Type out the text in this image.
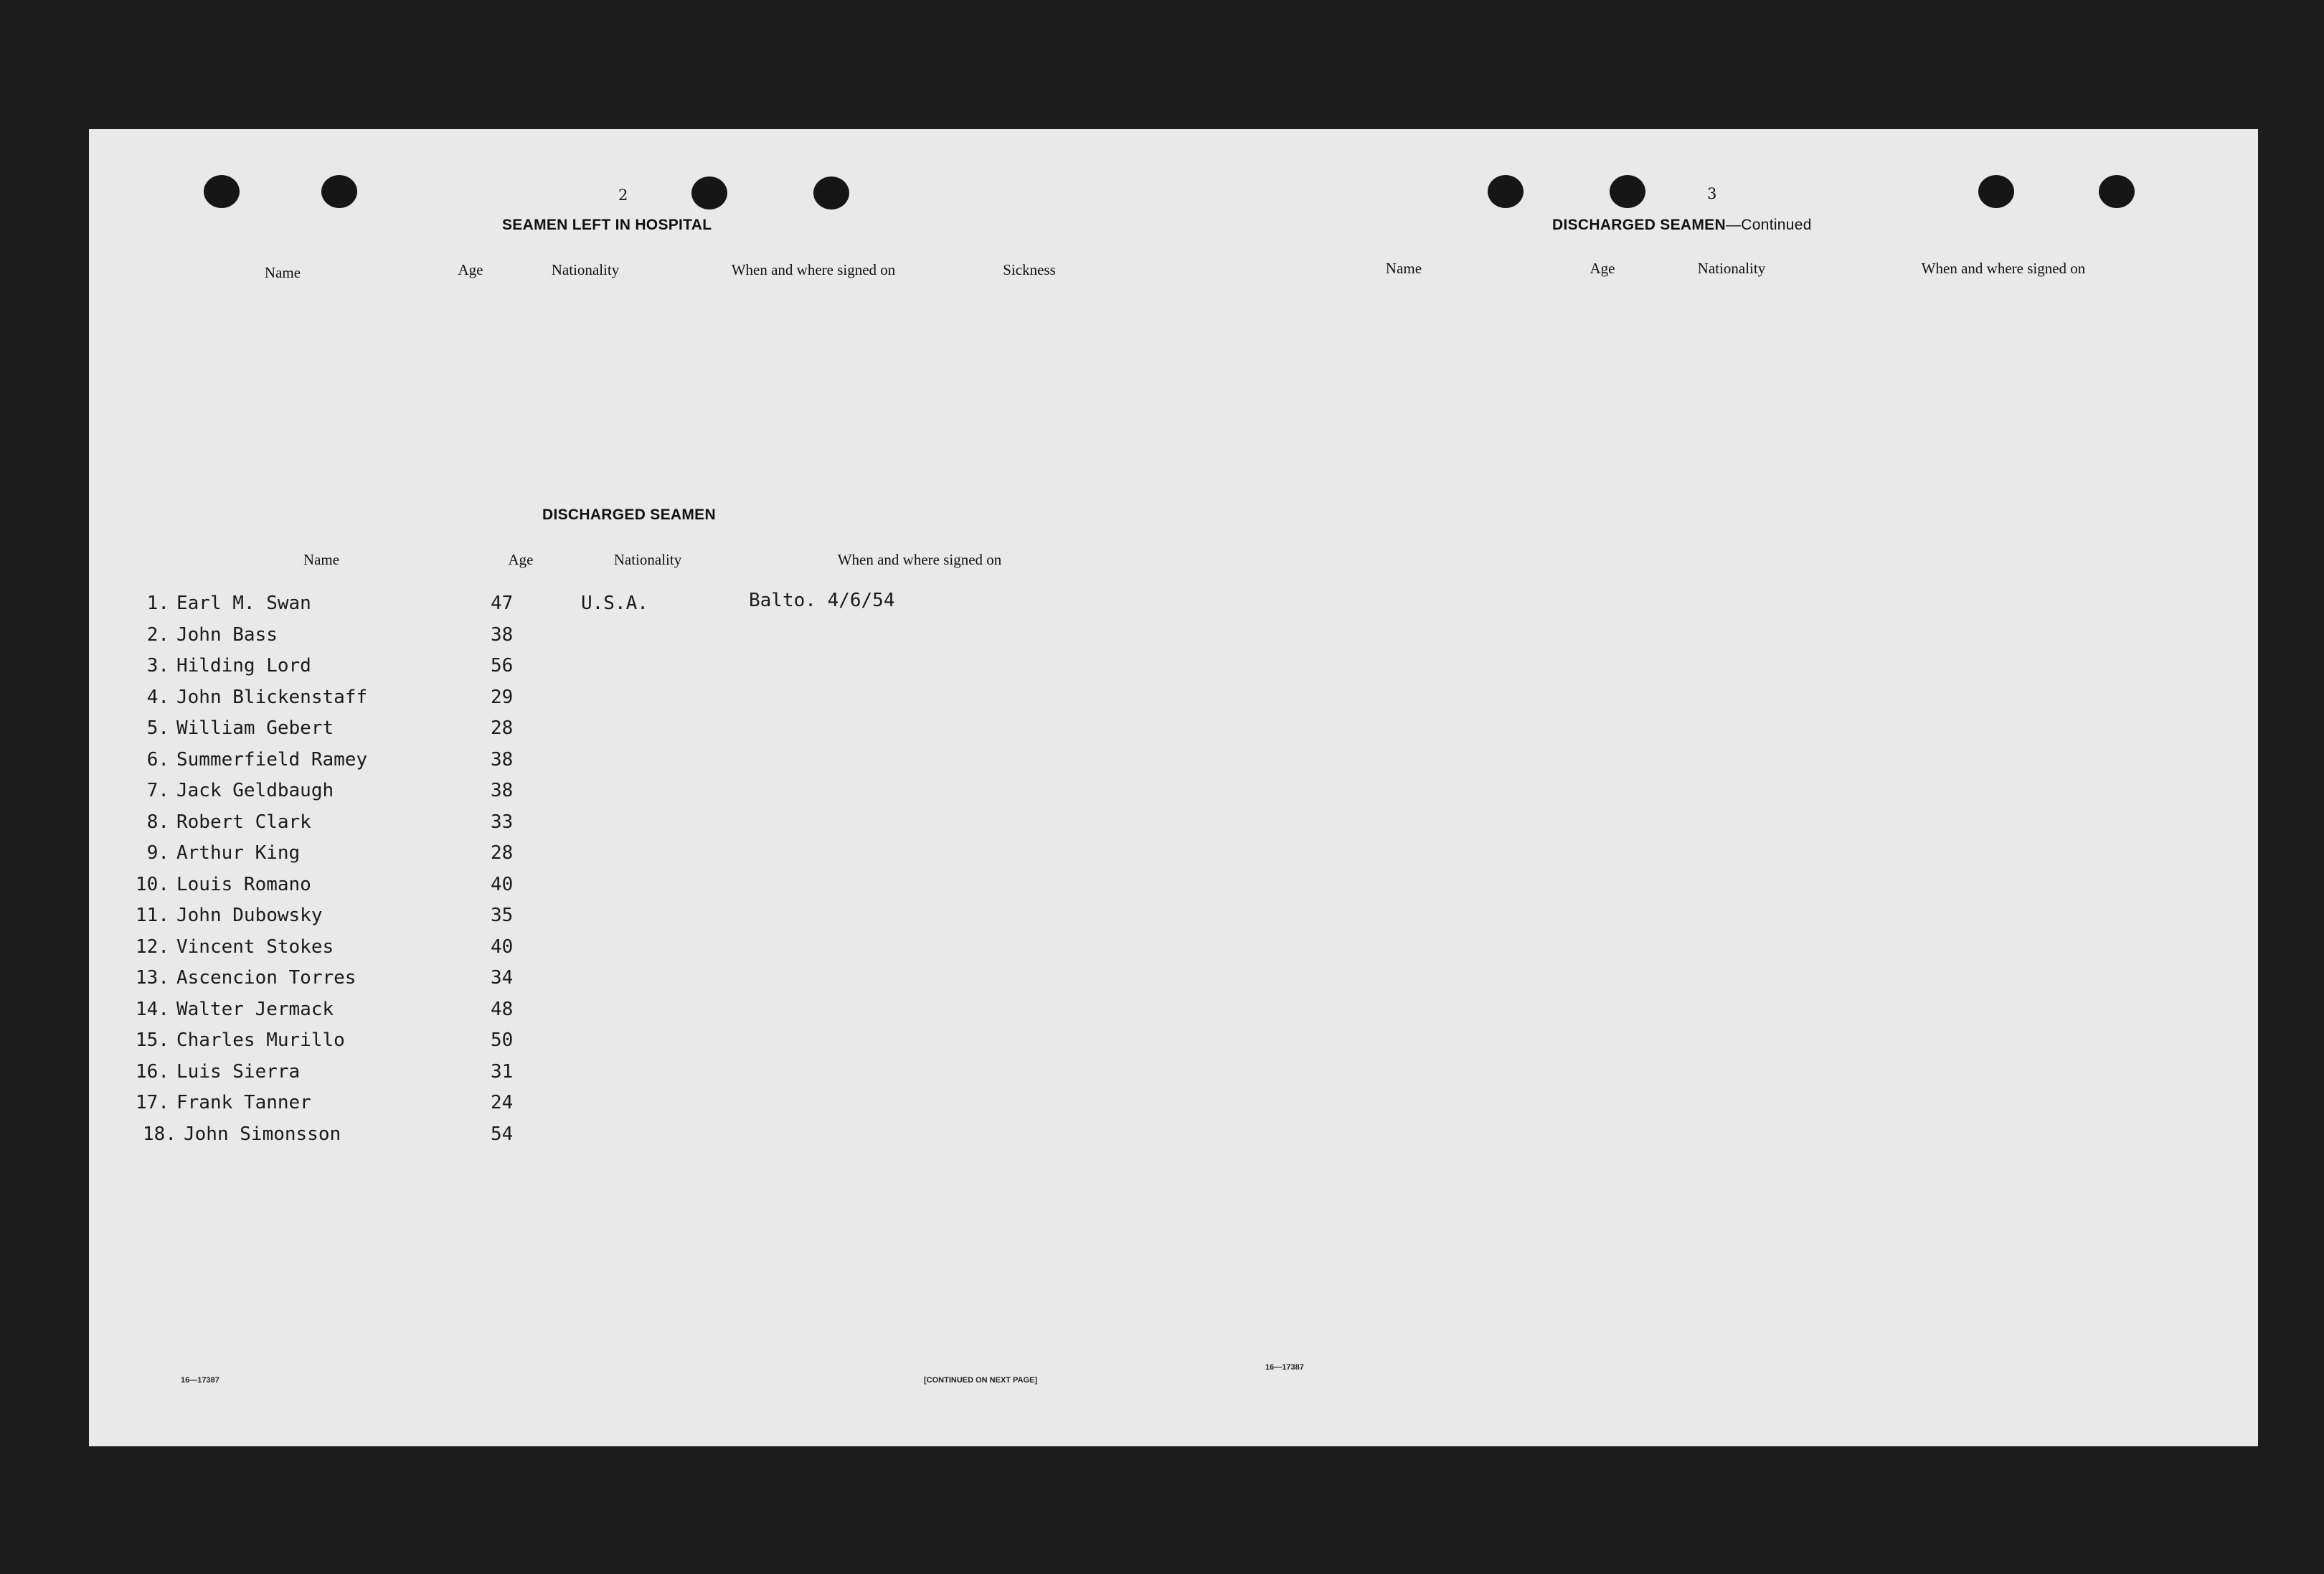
2
SEAMEN LEFT IN HOSPITAL
Name	Age	Nationality	When and where signed on	Sickness
DISCHARGED SEAMEN
Name	Age	Nationality	When and where signed on
1. Earl M. Swan	47	U.S.A.	Balto. 4/6/54
2. John Bass	38
3. Hilding Lord	56
4. John Blickenstaff	29
5. William Gebert	28
6. Summerfield Ramey	38
7. Jack Geldbaugh	38
8. Robert Clark	33
9. Arthur King	28
10. Louis Romano	40
11. John Dubowsky	35
12. Vincent Stokes	40
13. Ascencion Torres	34
14. Walter Jermack	48
15. Charles Murillo	50
16. Luis Sierra	31
17. Frank Tanner	24
18. John Simonsson	54
16—17387	[CONTINUED ON NEXT PAGE]
3
DISCHARGED SEAMEN—Continued
Name	Age	Nationality	When and where signed on
16—17387
